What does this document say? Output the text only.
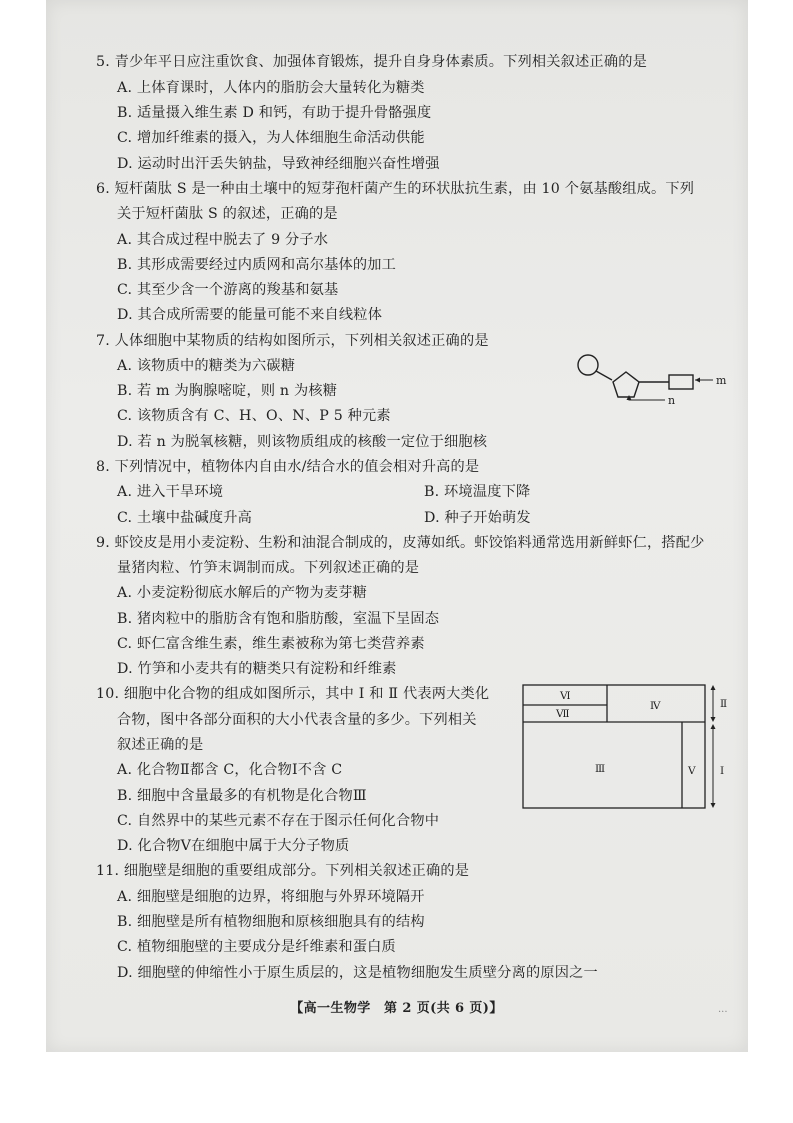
5. 青少年平日应注重饮食、加强体育锻炼，提升自身身体素质。下列相关叙述正确的是
A. 上体育课时，人体内的脂肪会大量转化为糖类
B. 适量摄入维生素 D 和钙，有助于提升骨骼强度
C. 增加纤维素的摄入，为人体细胞生命活动供能
D. 运动时出汗丢失钠盐，导致神经细胞兴奋性增强
6. 短杆菌肽 S 是一种由土壤中的短芽孢杆菌产生的环状肽抗生素，由 10 个氨基酸组成。下列
关于短杆菌肽 S 的叙述，正确的是
A. 其合成过程中脱去了 9 分子水
B. 其形成需要经过内质网和高尔基体的加工
C. 其至少含一个游离的羧基和氨基
D. 其合成所需要的能量可能不来自线粒体
7. 人体细胞中某物质的结构如图所示，下列相关叙述正确的是
A. 该物质中的糖类为六碳糖
B. 若 m 为胸腺嘧啶，则 n 为核糖
C. 该物质含有 C、H、O、N、P 5 种元素
D. 若 n 为脱氧核糖，则该物质组成的核酸一定位于细胞核
m
n
8. 下列情况中，植物体内自由水/结合水的值会相对升高的是
A. 进入干旱环境	B. 环境温度下降
C. 土壤中盐碱度升高	D. 种子开始萌发
9. 虾饺皮是用小麦淀粉、生粉和油混合制成的，皮薄如纸。虾饺馅料通常选用新鲜虾仁，搭配少
量猪肉粒、竹笋末调制而成。下列叙述正确的是
A. 小麦淀粉彻底水解后的产物为麦芽糖
B. 猪肉粒中的脂肪含有饱和脂肪酸，室温下呈固态
C. 虾仁富含维生素，维生素被称为第七类营养素
D. 竹笋和小麦共有的糖类只有淀粉和纤维素
10. 细胞中化合物的组成如图所示，其中 Ⅰ 和 Ⅱ 代表两大类化
合物，图中各部分面积的大小代表含量的多少。下列相关
叙述正确的是
A. 化合物Ⅱ都含 C，化合物Ⅰ不含 C
B. 细胞中含量最多的有机物是化合物Ⅲ
C. 自然界中的某些元素不存在于图示任何化合物中
D. 化合物Ⅴ在细胞中属于大分子物质
Ⅵ
Ⅶ
Ⅳ
Ⅲ	Ⅴ
Ⅱ
Ⅰ
11. 细胞壁是细胞的重要组成部分。下列相关叙述正确的是
A. 细胞壁是细胞的边界，将细胞与外界环境隔开
B. 细胞壁是所有植物细胞和原核细胞具有的结构
C. 植物细胞壁的主要成分是纤维素和蛋白质
D. 细胞壁的伸缩性小于原生质层的，这是植物细胞发生质壁分离的原因之一
【高一生物学　第 2 页(共 6 页)】	...
